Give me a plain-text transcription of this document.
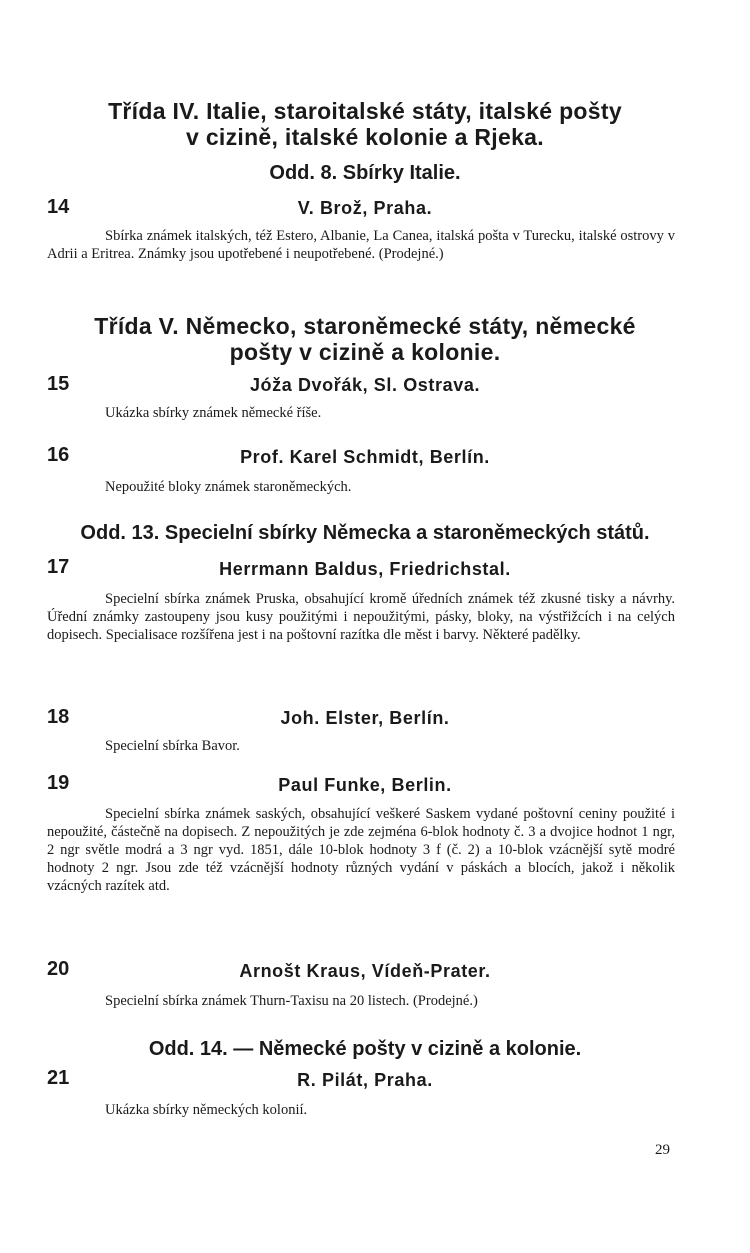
Třída IV. Italie, staroitalské státy, italské pošty
v cizině, italské kolonie a Rjeka.
Odd. 8. Sbírky Italie.
14	V. Brož, Praha.

Sbírka známek italských, též Estero, Albanie, La Canea, italská pošta v Turecku, italské ostrovy v Adrii a Eritrea. Známky jsou upotřebené i neupotřebené. (Prodejné.)

Třída V. Německo, staroněmecké státy, německé
pošty v cizině a kolonie.
15	Jóža Dvořák, Sl. Ostrava.

Ukázka sbírky známek německé říše.

16	Prof. Karel Schmidt, Berlín.

Nepoužité bloky známek staroněmeckých.

Odd. 13. Specielní sbírky Německa a staroněmeckých států.
17	Herrmann Baldus, Friedrichstal.

Specielní sbírka známek Pruska, obsahující kromě úředních známek též zkusné tisky a návrhy. Úřední známky zastoupeny jsou kusy použitými i nepoužitými, pásky, bloky, na výstřižcích i na celých dopisech. Specialisace rozšířena jest i na poštovní razítka dle měst i barvy. Některé padělky.

18	Joh. Elster, Berlín.

Specielní sbírka Bavor.

19	Paul Funke, Berlin.

Specielní sbírka známek saských, obsahující veškeré Saskem vydané poštovní ceniny použité i nepoužité, částečně na dopisech. Z nepoužitých je zde zejména 6-blok hodnoty č. 3 a dvojice hodnot 1 ngr, 2 ngr světle modrá a 3 ngr vyd. 1851, dále 10-blok hodnoty 3 f (č. 2) a 10-blok vzácnější sytě modré hodnoty 2 ngr. Jsou zde též vzácnější hodnoty různých vydání v páskách a blocích, jakož i několik vzácných razítek atd.

20	Arnošt Kraus, Vídeň-Prater.

Specielní sbírka známek Thurn-Taxisu na 20 listech. (Prodejné.)

Odd. 14. — Německé pošty v cizině a kolonie.
21	R. Pilát, Praha.

Ukázka sbírky německých kolonií.

29
